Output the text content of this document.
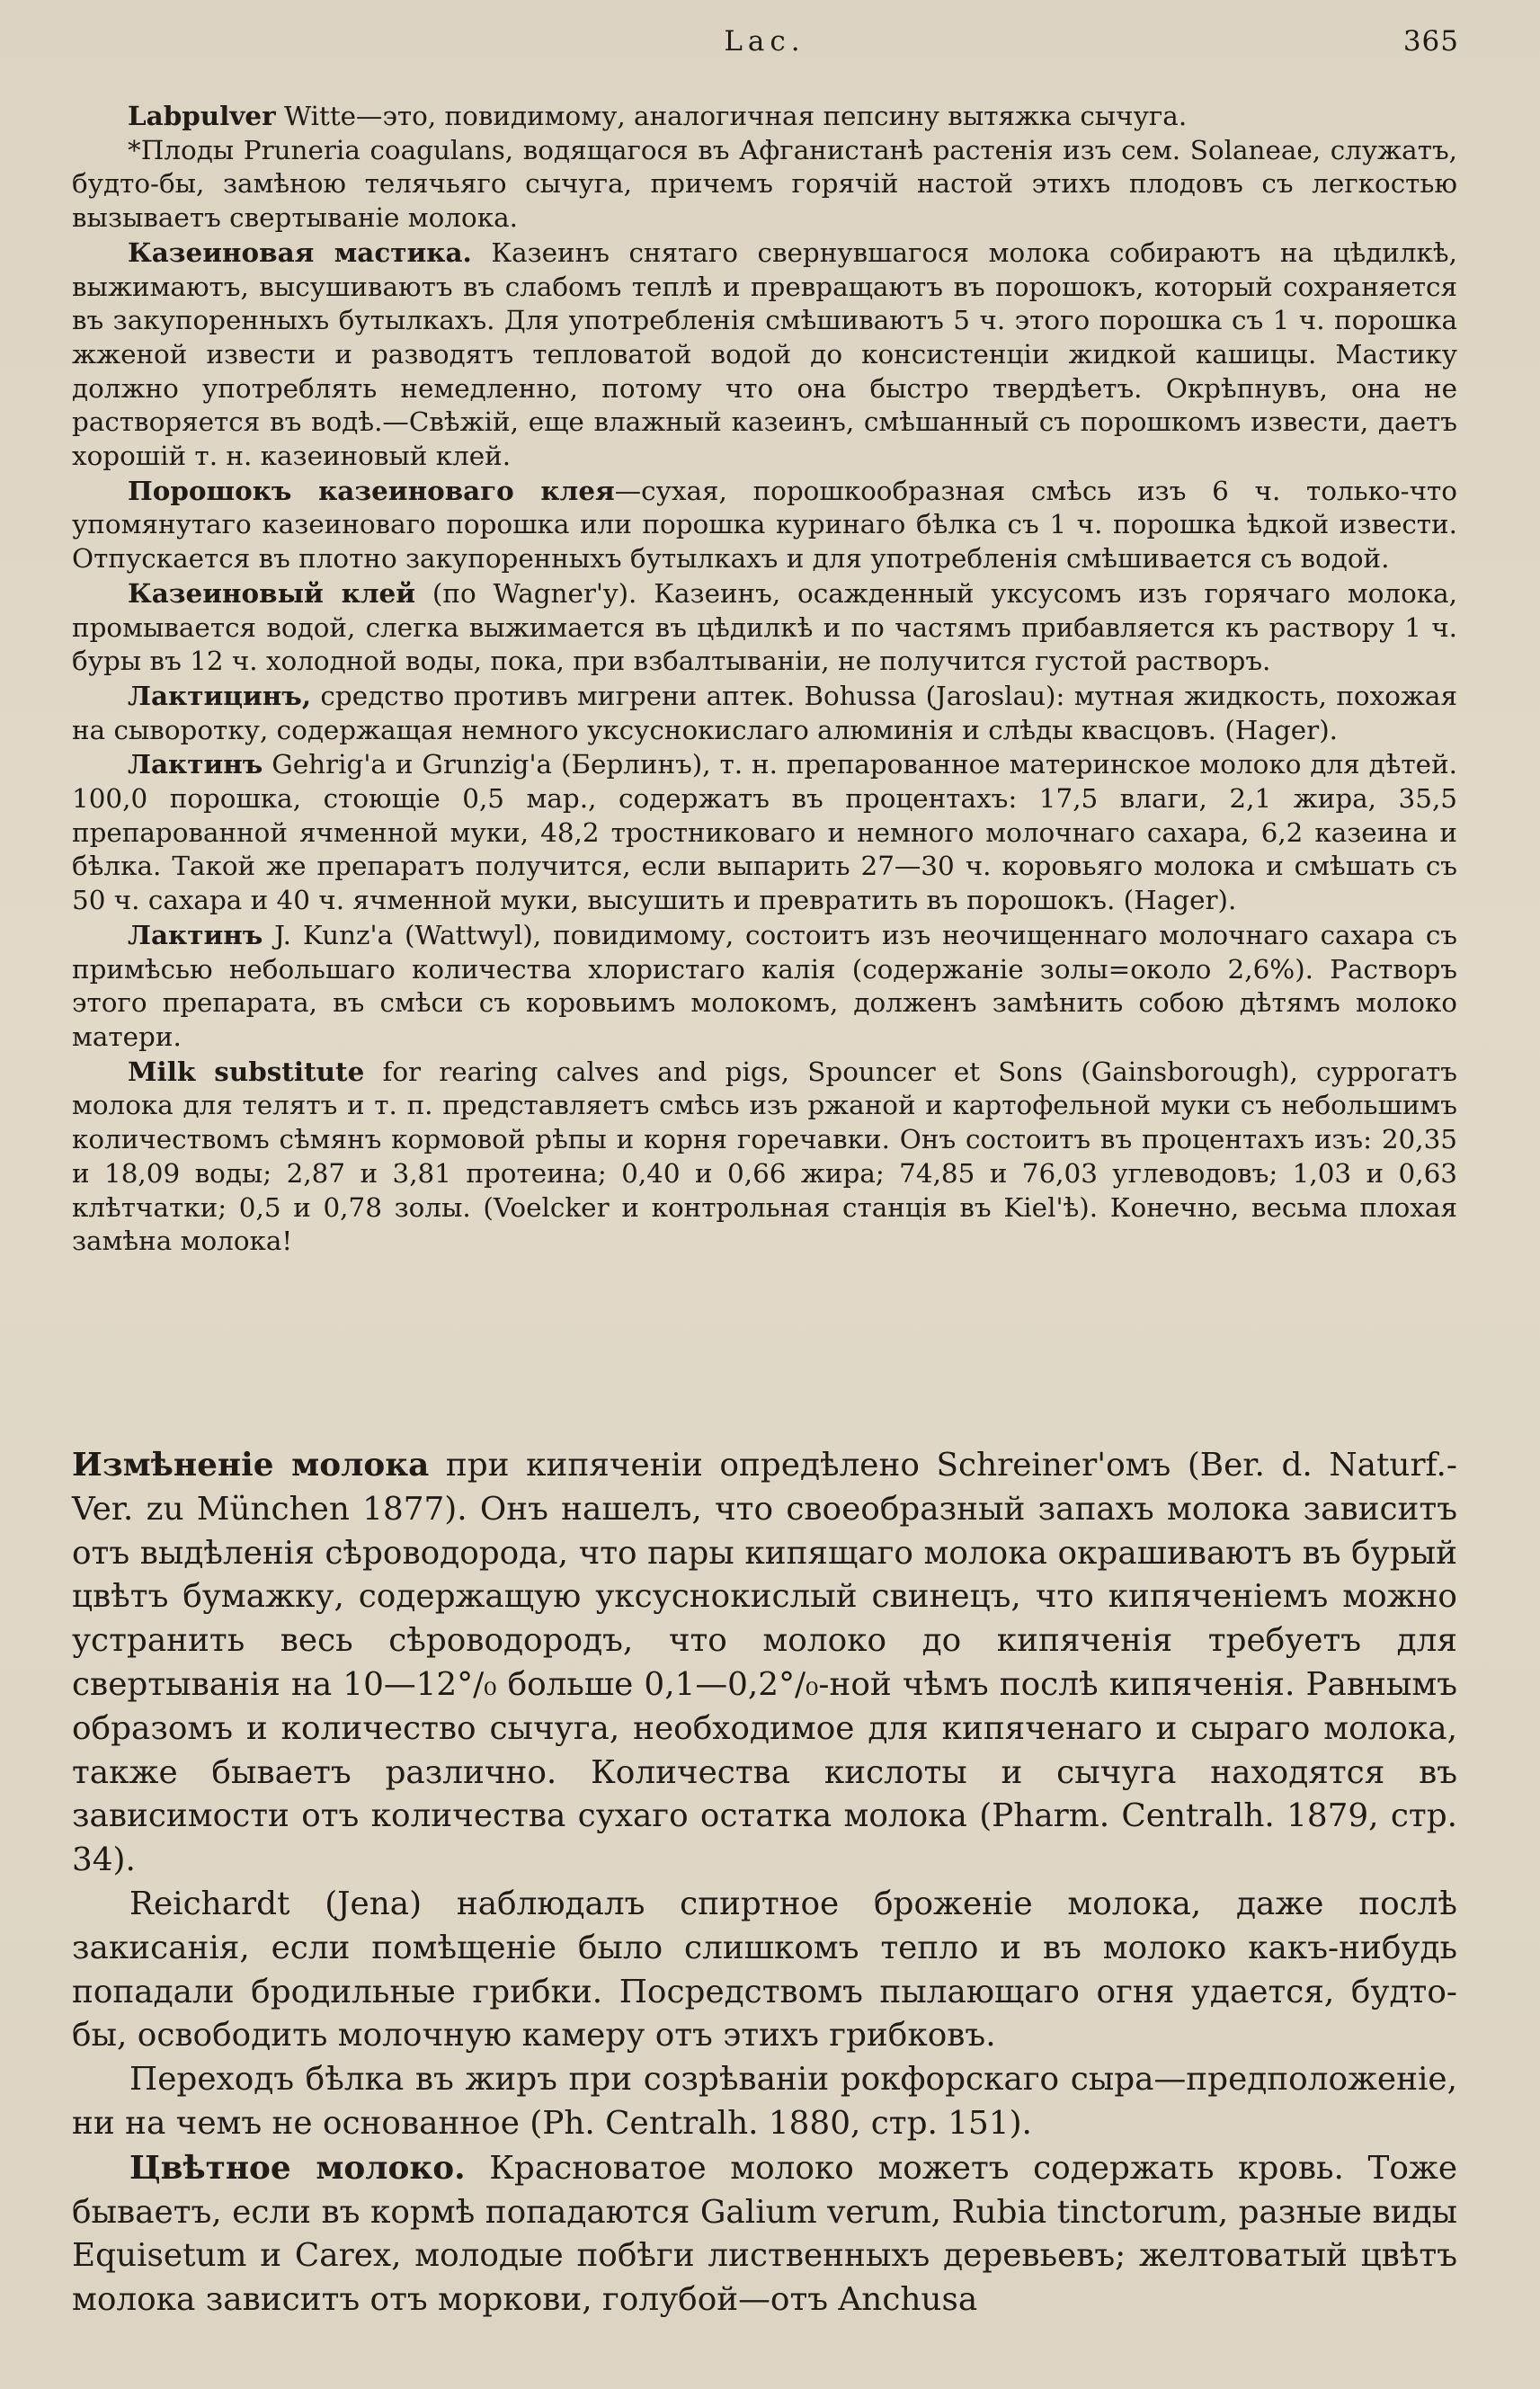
Lac.	365

Labpulver Witte—это, повидимому, аналогичная пепсину вытяжка сычуга.

*Плоды Pruneria coagulans, водящагося въ Афганистанѣ растенія изъ сем. Solaneae, служатъ, будто-бы, замѣною телячьяго сычуга, причемъ горячій настой этихъ плодовъ съ легкостью вызываетъ свертываніе молока.

Казеиновая мастика. Казеинъ снятаго свернувшагося молока собираютъ на цѣдилкѣ, выжимаютъ, высушиваютъ въ слабомъ теплѣ и превращаютъ въ порошокъ, который сохраняется въ закупоренныхъ бутылкахъ. Для употребленія смѣшиваютъ 5 ч. этого порошка съ 1 ч. порошка жженой извести и разводятъ тепловатой водой до консистенціи жидкой кашицы. Мастику должно употреблять немедленно, потому что она быстро твердѣетъ. Окрѣпнувъ, она не растворяется въ водѣ.—Свѣжій, еще влажный казеинъ, смѣшанный съ порошкомъ извести, даетъ хорошій т. н. казеиновый клей.

Порошокъ казеиноваго клея—сухая, порошкообразная смѣсь изъ 6 ч. только-что упомянутаго казеиноваго порошка или порошка куринаго бѣлка съ 1 ч. порошка ѣдкой извести. Отпускается въ плотно закупоренныхъ бутылкахъ и для употребленія смѣшивается съ водой.

Казеиновый клей (по Wagner'y). Казеинъ, осажденный уксусомъ изъ горячаго молока, промывается водой, слегка выжимается въ цѣдилкѣ и по частямъ прибавляется къ раствору 1 ч. буры въ 12 ч. холодной воды, пока, при взбалтываніи, не получится густой растворъ.

Лактицинъ, средство противъ мигрени аптек. Bohussa (Jaroslau): мутная жидкость, похожая на сыворотку, содержащая немного уксуснокислаго алюминія и слѣды квасцовъ. (Hager).

Лактинъ Gehrig'a и Grunzig'a (Берлинъ), т. н. препарованное материнское молоко для дѣтей. 100,0 порошка, стоющіе 0,5 мар., содержатъ въ процентахъ: 17,5 влаги, 2,1 жира, 35,5 препарованной ячменной муки, 48,2 тростниковаго и немного молочнаго сахара, 6,2 казеина и бѣлка. Такой же препаратъ получится, если выпарить 27—30 ч. коровьяго молока и смѣшать съ 50 ч. сахара и 40 ч. ячменной муки, высушить и превратить въ порошокъ. (Hager).

Лактинъ J. Kunz'a (Wattwyl), повидимому, состоитъ изъ неочищеннаго молочнаго сахара съ примѣсью небольшаго количества хлористаго калія (содержаніе золы=около 2,6%). Растворъ этого препарата, въ смѣси съ коровьимъ молокомъ, долженъ замѣнить собою дѣтямъ молоко матери.

Milk substitute for rearing calves and pigs, Spouncer et Sons (Gainsborough), суррогатъ молока для телятъ и т. п. представляетъ смѣсь изъ ржаной и картофельной муки съ небольшимъ количествомъ сѣмянъ кормовой рѣпы и корня горечавки. Онъ состоитъ въ процентахъ изъ: 20,35 и 18,09 воды; 2,87 и 3,81 протеина; 0,40 и 0,66 жира; 74,85 и 76,03 углеводовъ; 1,03 и 0,63 клѣтчатки; 0,5 и 0,78 золы. (Voelcker и контрольная станція въ Kiel'ѣ). Конечно, весьма плохая замѣна молока!

Измѣненіе молока при кипяченіи опредѣлено Schreiner'омъ (Ber. d. Naturf.-Ver. zu München 1877). Онъ нашелъ, что своеобразный запахъ молока зависитъ отъ выдѣленія сѣроводорода, что пары кипящаго молока окрашиваютъ въ бурый цвѣтъ бумажку, содержащую уксуснокислый свинецъ, что кипяченіемъ можно устранить весь сѣроводородъ, что молоко до кипяченія требуетъ для свертыванія на 10—12°/₀ больше 0,1—0,2°/₀-ной чѣмъ послѣ кипяченія. Равнымъ образомъ и количество сычуга, необходимое для кипяченаго и сыраго молока, также бываетъ различно. Количества кислоты и сычуга находятся въ зависимости отъ количества сухаго остатка молока (Pharm. Centralh. 1879, стр. 34).

Reichardt (Jena) наблюдалъ спиртное броженіе молока, даже послѣ закисанія, если помѣщеніе было слишкомъ тепло и въ молоко какъ-нибудь попадали бродильные грибки. Посредствомъ пылающаго огня удается, будто-бы, освободить молочную камеру отъ этихъ грибковъ.

Переходъ бѣлка въ жиръ при созрѣваніи рокфорскаго сыра—предположеніе, ни на чемъ не основанное (Ph. Centralh. 1880, стр. 151).

Цвѣтное молоко. Красноватое молоко можетъ содержать кровь. Тоже бываетъ, если въ кормѣ попадаются Galium verum, Rubia tinctorum, разные виды Equisetum и Carex, молодые побѣги лиственныхъ деревьевъ; желтоватый цвѣтъ молока зависитъ отъ моркови, голубой—отъ Anchusa
